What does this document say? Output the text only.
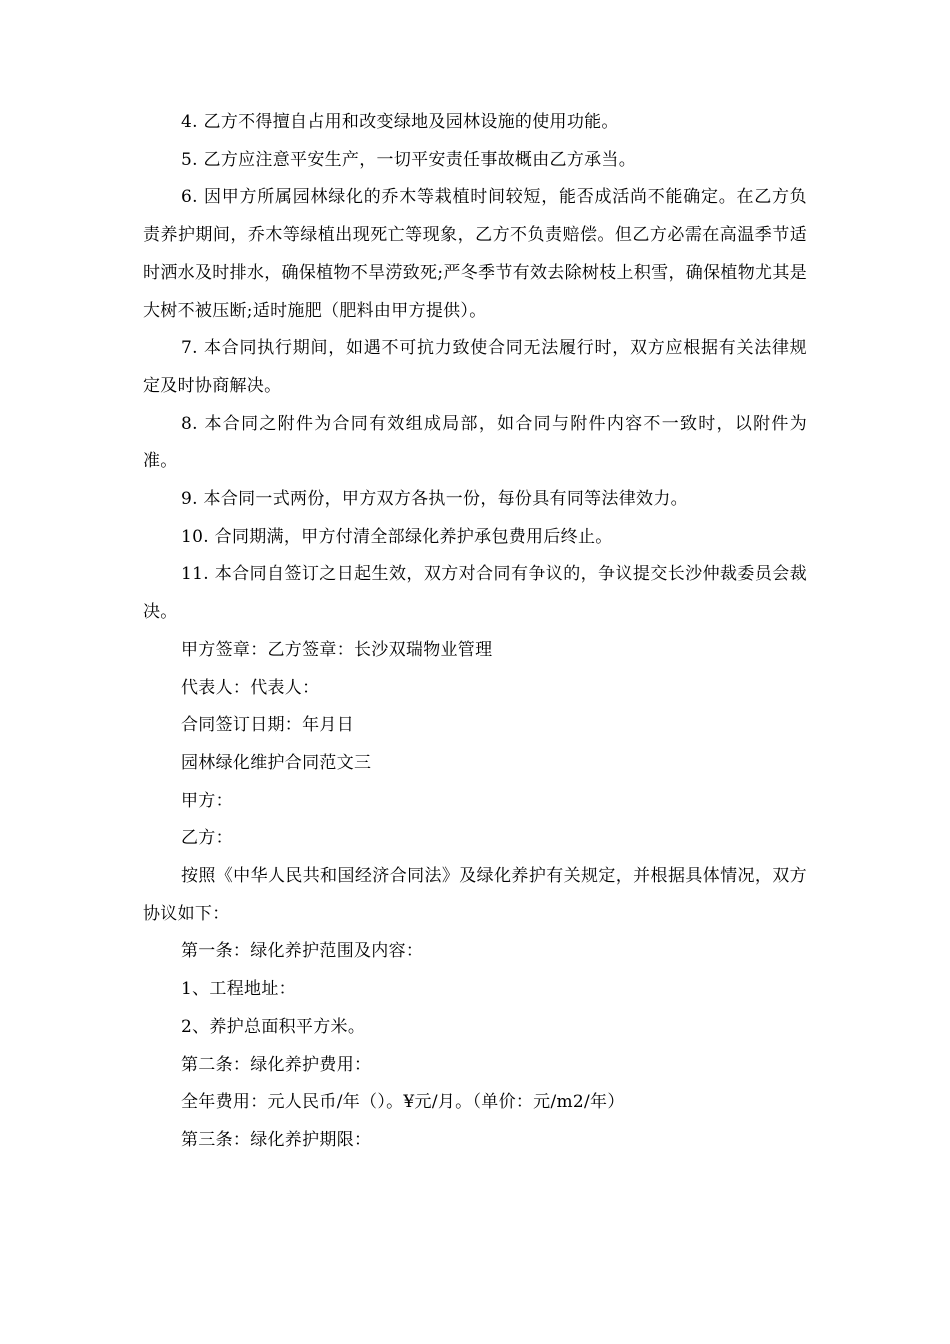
4. 乙方不得擅自占用和改变绿地及园林设施的使用功能。

5. 乙方应注意平安生产，一切平安责任事故概由乙方承当。

6. 因甲方所属园林绿化的乔木等栽植时间较短，能否成活尚不能确定。在乙方负责养护期间，乔木等绿植出现死亡等现象，乙方不负责赔偿。但乙方必需在高温季节适时洒水及时排水，确保植物不旱涝致死;严冬季节有效去除树枝上积雪，确保植物尤其是大树不被压断;适时施肥（肥料由甲方提供）。

7. 本合同执行期间，如遇不可抗力致使合同无法履行时，双方应根据有关法律规定及时协商解决。

8. 本合同之附件为合同有效组成局部，如合同与附件内容不一致时，以附件为准。

9. 本合同一式两份，甲方双方各执一份，每份具有同等法律效力。

10. 合同期满，甲方付清全部绿化养护承包费用后终止。

11. 本合同自签订之日起生效，双方对合同有争议的，争议提交长沙仲裁委员会裁决。

甲方签章：乙方签章：长沙双瑞物业管理

代表人：代表人：

合同签订日期：年月日

园林绿化维护合同范文三

甲方：

乙方：

按照《中华人民共和国经济合同法》及绿化养护有关规定，并根据具体情况，双方协议如下：

第一条：绿化养护范围及内容：

1、工程地址：

2、养护总面积平方米。

第二条：绿化养护费用：

全年费用：元人民币/年（）。¥元/月。（单价：元/m2/年）

第三条：绿化养护期限：
